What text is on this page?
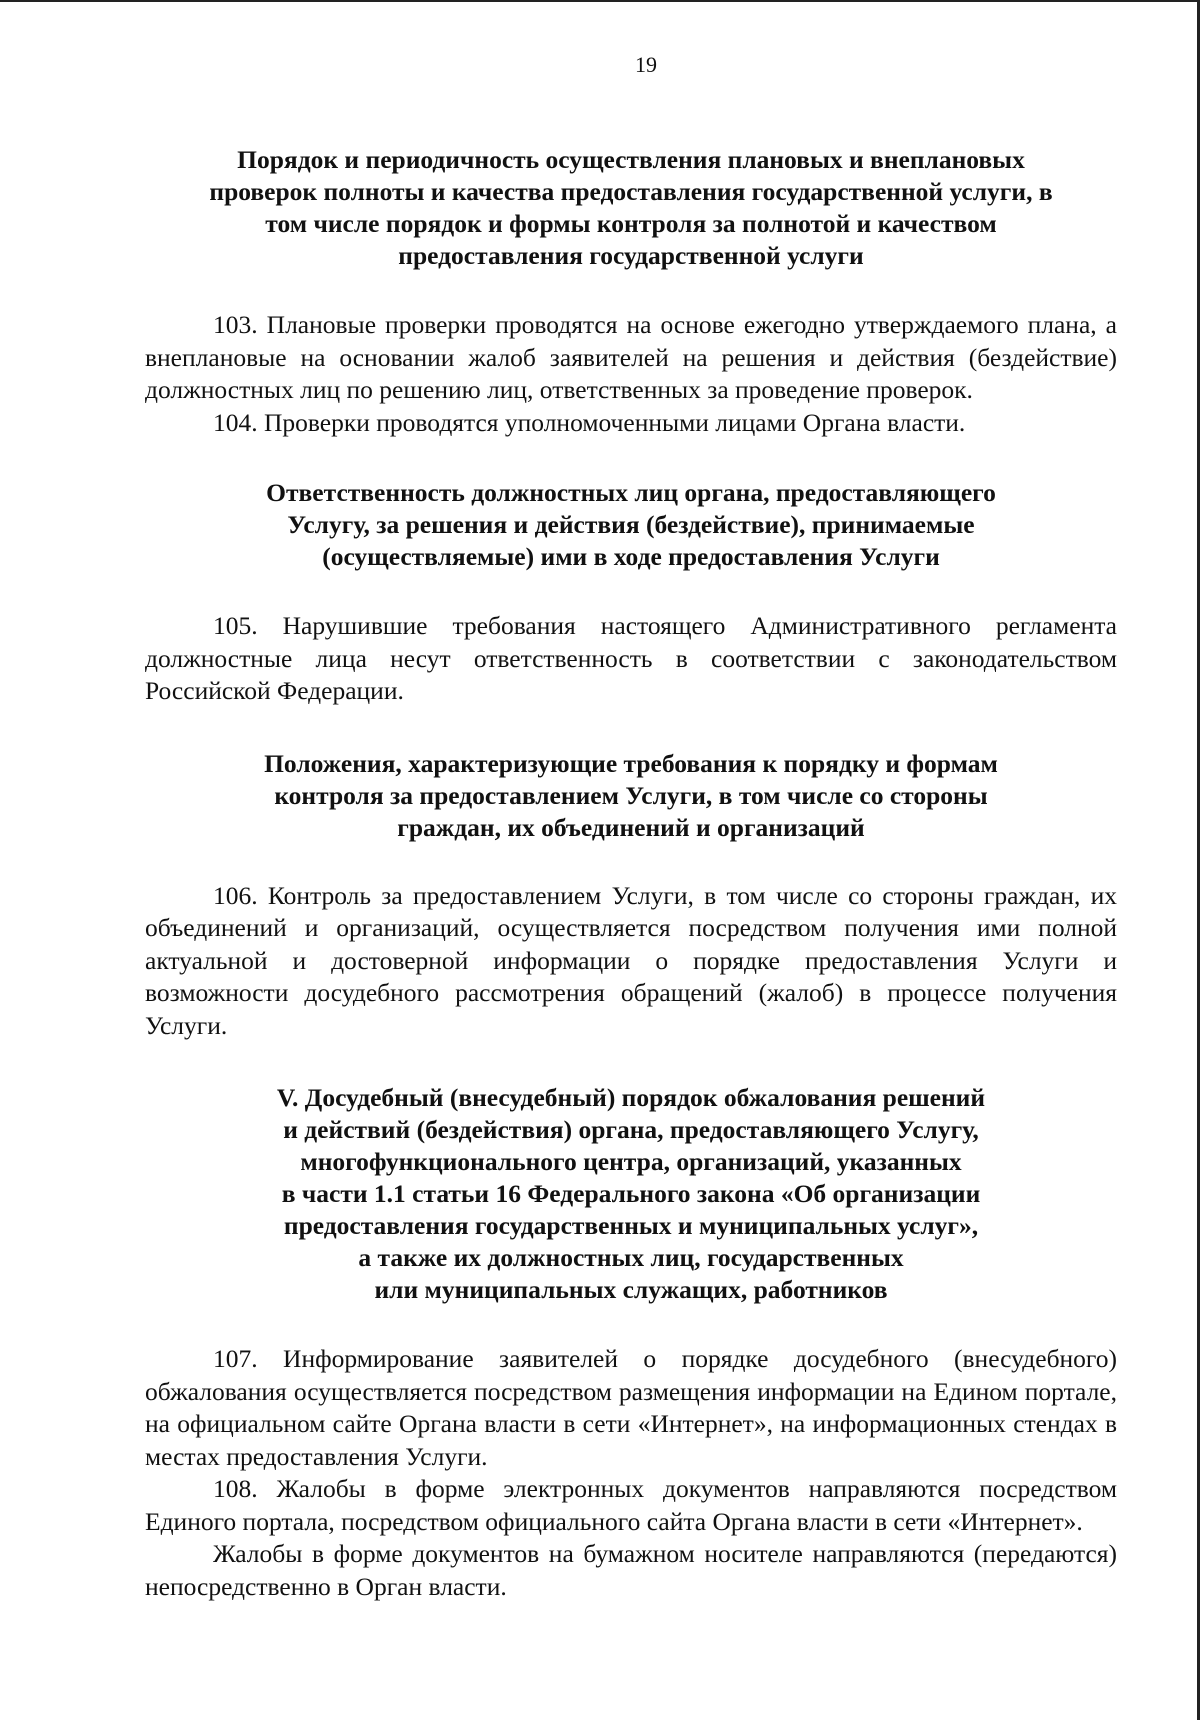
19
Порядок и периодичность осуществления плановых и внеплановых
проверок полноты и качества предоставления государственной услуги, в
том числе порядок и формы контроля за полнотой и качеством
предоставления государственной услуги

103. Плановые проверки проводятся на основе ежегодно утверждаемого плана, а внеплановые на основании жалоб заявителей на решения и действия (бездействие) должностных лиц по решению лиц, ответственных за проведение проверок.

104. Проверки проводятся уполномоченными лицами Органа власти.

Ответственность должностных лиц органа, предоставляющего
Услугу, за решения и действия (бездействие), принимаемые
(осуществляемые) ими в ходе предоставления Услуги

105. Нарушившие требования настоящего Административного регламента должностные лица несут ответственность в соответствии с законодательством Российской Федерации.

Положения, характеризующие требования к порядку и формам
контроля за предоставлением Услуги, в том числе со стороны
граждан, их объединений и организаций

106. Контроль за предоставлением Услуги, в том числе со стороны граждан, их объединений и организаций, осуществляется посредством получения ими полной актуальной и достоверной информации о порядке предоставления Услуги и возможности досудебного рассмотрения обращений (жалоб) в процессе получения Услуги.

V. Досудебный (внесудебный) порядок обжалования решений
и действий (бездействия) органа, предоставляющего Услугу,
многофункционального центра, организаций, указанных
в части 1.1 статьи 16 Федерального закона «Об организации
предоставления государственных и муниципальных услуг»,
а также их должностных лиц, государственных
или муниципальных служащих, работников

107. Информирование заявителей о порядке досудебного (внесудебного) обжалования осуществляется посредством размещения информации на Едином портале, на официальном сайте Органа власти в сети «Интернет», на информационных стендах в местах предоставления Услуги.

108. Жалобы в форме электронных документов направляются посредством Единого портала, посредством официального сайта Органа власти в сети «Интернет».

Жалобы в форме документов на бумажном носителе направляются (передаются) непосредственно в Орган власти.
